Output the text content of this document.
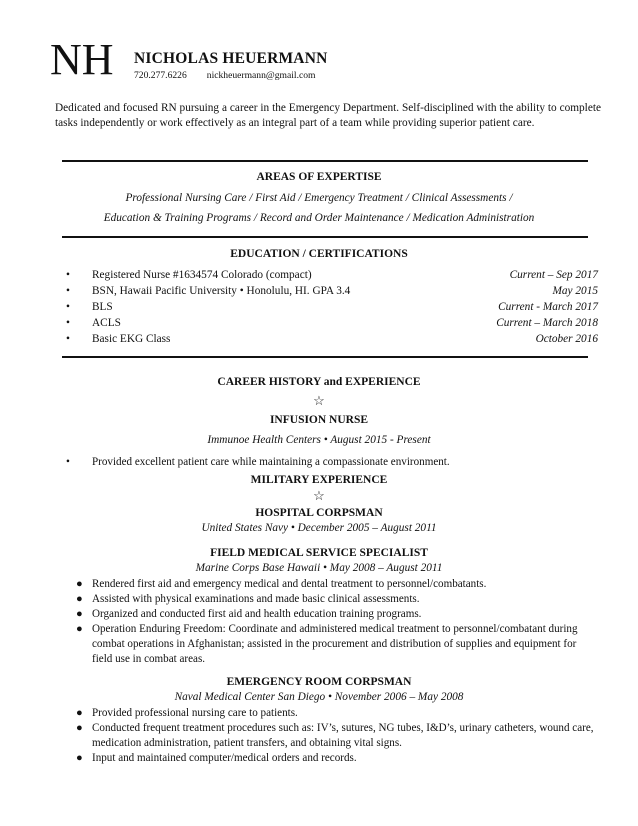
NH NICHOLAS HEUERMANN
720.277.6226 nickheuermann@gmail.com
Dedicated and focused RN pursuing a career in the Emergency Department. Self-disciplined with the ability to complete tasks independently or work effectively as an integral part of a team while providing superior patient care.
AREAS OF EXPERTISE
Professional Nursing Care / First Aid / Emergency Treatment / Clinical Assessments /
Education & Training Programs / Record and Order Maintenance / Medication Administration
EDUCATION / CERTIFICATIONS
• Registered Nurse #1634574 Colorado (compact)	Current – Sep 2017
• BSN, Hawaii Pacific University • Honolulu, HI. GPA 3.4	May 2015
• BLS	Current - March 2017
• ACLS	Current – March 2018
• Basic EKG Class	October 2016
CAREER HISTORY and EXPERIENCE
☆
INFUSION NURSE
Immunoe Health Centers • August 2015 - Present
• Provided excellent patient care while maintaining a compassionate environment.
MILITARY EXPERIENCE
☆
HOSPITAL CORPSMAN
United States Navy • December 2005 – August 2011
FIELD MEDICAL SERVICE SPECIALIST
Marine Corps Base Hawaii • May 2008 – August 2011
● Rendered first aid and emergency medical and dental treatment to personnel/combatants.
● Assisted with physical examinations and made basic clinical assessments.
● Organized and conducted first aid and health education training programs.
● Operation Enduring Freedom: Coordinate and administered medical treatment to personnel/combatant during combat operations in Afghanistan; assisted in the procurement and distribution of supplies and equipment for field use in combat areas.
EMERGENCY ROOM CORPSMAN
Naval Medical Center San Diego • November 2006 – May 2008
● Provided professional nursing care to patients.
● Conducted frequent treatment procedures such as: IV’s, sutures, NG tubes, I&D’s, urinary catheters, wound care, medication administration, patient transfers, and obtaining vital signs.
● Input and maintained computer/medical orders and records.
